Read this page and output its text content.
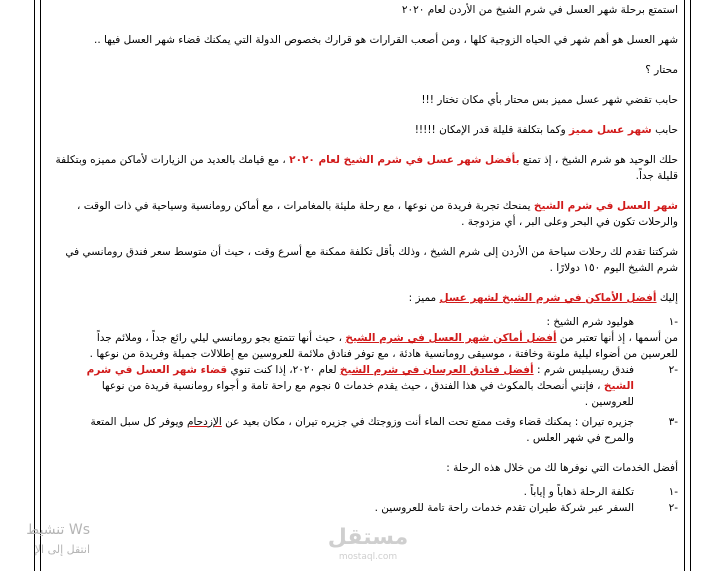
استمتع برحلة شهر العسل في شرم الشيخ من الأردن لعام ٢٠٢٠

شهر العسل هو أهم شهر في الحياه الزوجية كلها ، ومن أصعب القرارات هو قرارك بخصوص الدولة التي يمكنك قضاء شهر العسل فيها ..

محتار ؟

حابب تقضي شهر عسل مميز بس محتار بأي مكان تختار !!!

حابب شهر عسل مميز وكما بتكلفة قليلة قدر الإمكان !!!!!

حلك الوحيد هو شرم الشيخ ، إذ تمتع بأفضل شهر عسل في شرم الشيخ لعام ٢٠٢٠ ، مع قيامك بالعديد من الزيارات لأماكن مميزه وبتكلفة قليلة جداً.

شهر العسل في شرم الشيخ يمنحك تجربة فريدة من نوعها ، مع رحلة مليئة بالمغامرات ، مع أماكن رومانسية وسياحية في ذات الوقت ، والرحلات تكون في البحر وعلى البر ، أي مزدوجة .

شركتنا تقدم لك رحلات سياحة من الأردن إلى شرم الشيخ ، وذلك بأقل تكلفة ممكنة مع أسرع وقت ، حيث أن متوسط سعر فندق رومانسي في شرم الشيخ اليوم ١٥٠ دولارًا .

إليك أفضل الأماكن في شرم الشيخ لشهر عسل مميز :

-١
هوليود شرم الشيخ :

من أسمها ، إذ أنها تعتبر من أفضل أماكن شهر العسل في شرم الشيخ ، حيث أنها تتمتع بجو رومانسي ليلي رائع جداً ، وملائم جداً للعرسين من أضواء ليلية ملونة وخافتة ، موسيقى رومانسية هادئة ، مع توفر فنادق ملائمة للعروسين مع إطلالات جميلة وفريدة من نوعها .

-٢
فندق ريسيليس شرم : أفضل فنادق العرسان في شرم الشيخ لعام ٢٠٢٠، إذا كنت تنوي قضاء شهر العسل في شرم الشيخ ، فإنني أنصحك بالمكوث في هذا الفندق ، حيث يقدم خدمات ٥ نجوم مع راحة تامة و أجواء رومانسية فريدة من نوعها للعروسين .
-٣
جزيره تيران : يمكنك قضاء وقت ممتع تحت الماء أنت وزوجتك في جزيره تيران ، مكان بعيد عن الإزدحام ويوفر كل سبل المتعة والمرح في شهر العلس .

أفضل الخدمات التي نوفرها لك من خلال هذه الرحلة :

-١
تكلفة الرحلة ذهاباً و إياباً .
-٢
السفر عبر شركة طيران تقدم خدمات راحة تامة للعروسين .
تنشيط Ws
انتقل إلى الإ	مستقل
mostaql.com
